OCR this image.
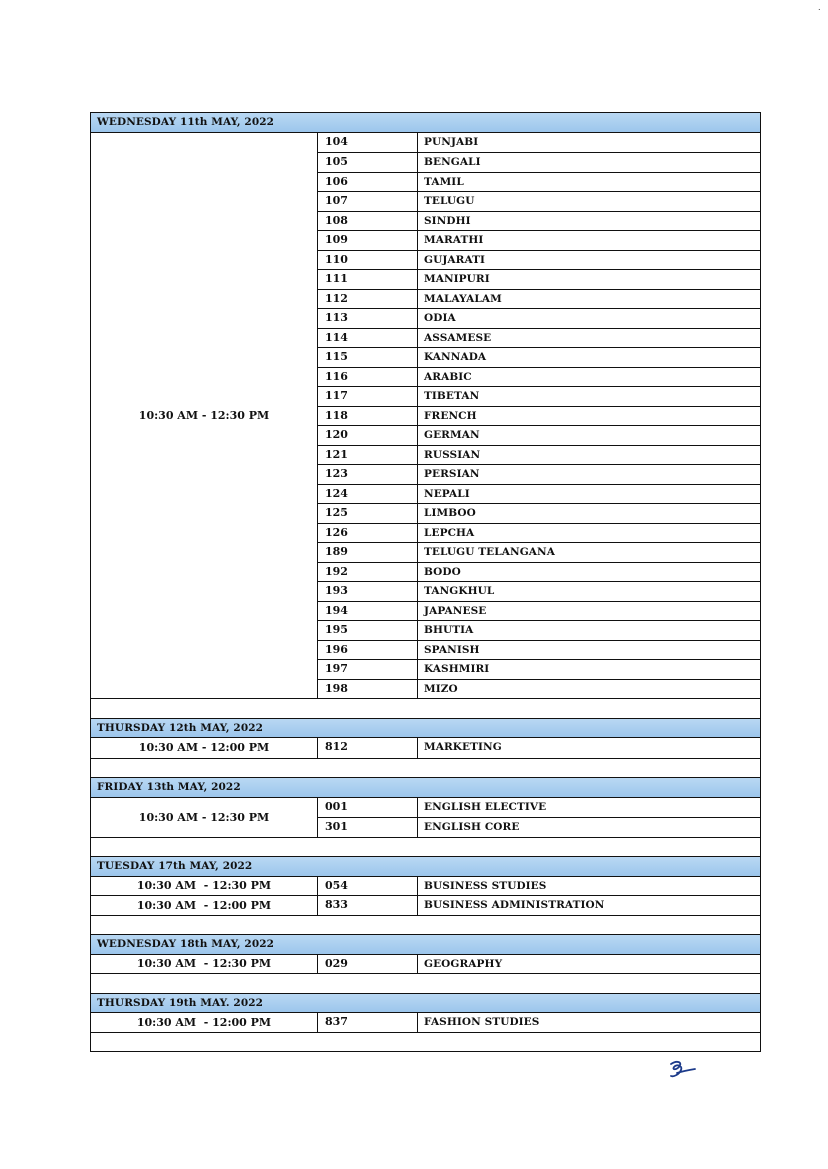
WEDNESDAY 11th MAY, 2022
10:30 AM - 12:30 PM
104	PUNJABI
105	BENGALI
106	TAMIL
107	TELUGU
108	SINDHI
109	MARATHI
110	GUJARATI
111	MANIPURI
112	MALAYALAM
113	ODIA
114	ASSAMESE
115	KANNADA
116	ARABIC
117	TIBETAN
118	FRENCH
120	GERMAN
121	RUSSIAN
123	PERSIAN
124	NEPALI
125	LIMBOO
126	LEPCHA
189	TELUGU TELANGANA
192	BODO
193	TANGKHUL
194	JAPANESE
195	BHUTIA
196	SPANISH
197	KASHMIRI
198	MIZO
THURSDAY 12th MAY, 2022
10:30 AM - 12:00 PM	812	MARKETING
FRIDAY 13th MAY, 2022
10:30 AM - 12:30 PM
001	ENGLISH ELECTIVE
301	ENGLISH CORE
TUESDAY 17th MAY, 2022
10:30 AM  - 12:30 PM	054	BUSINESS STUDIES
10:30 AM  - 12:00 PM	833	BUSINESS ADMINISTRATION
WEDNESDAY 18th MAY, 2022
10:30 AM  - 12:30 PM	029	GEOGRAPHY
THURSDAY 19th MAY. 2022
10:30 AM  - 12:00 PM	837	FASHION STUDIES
.
